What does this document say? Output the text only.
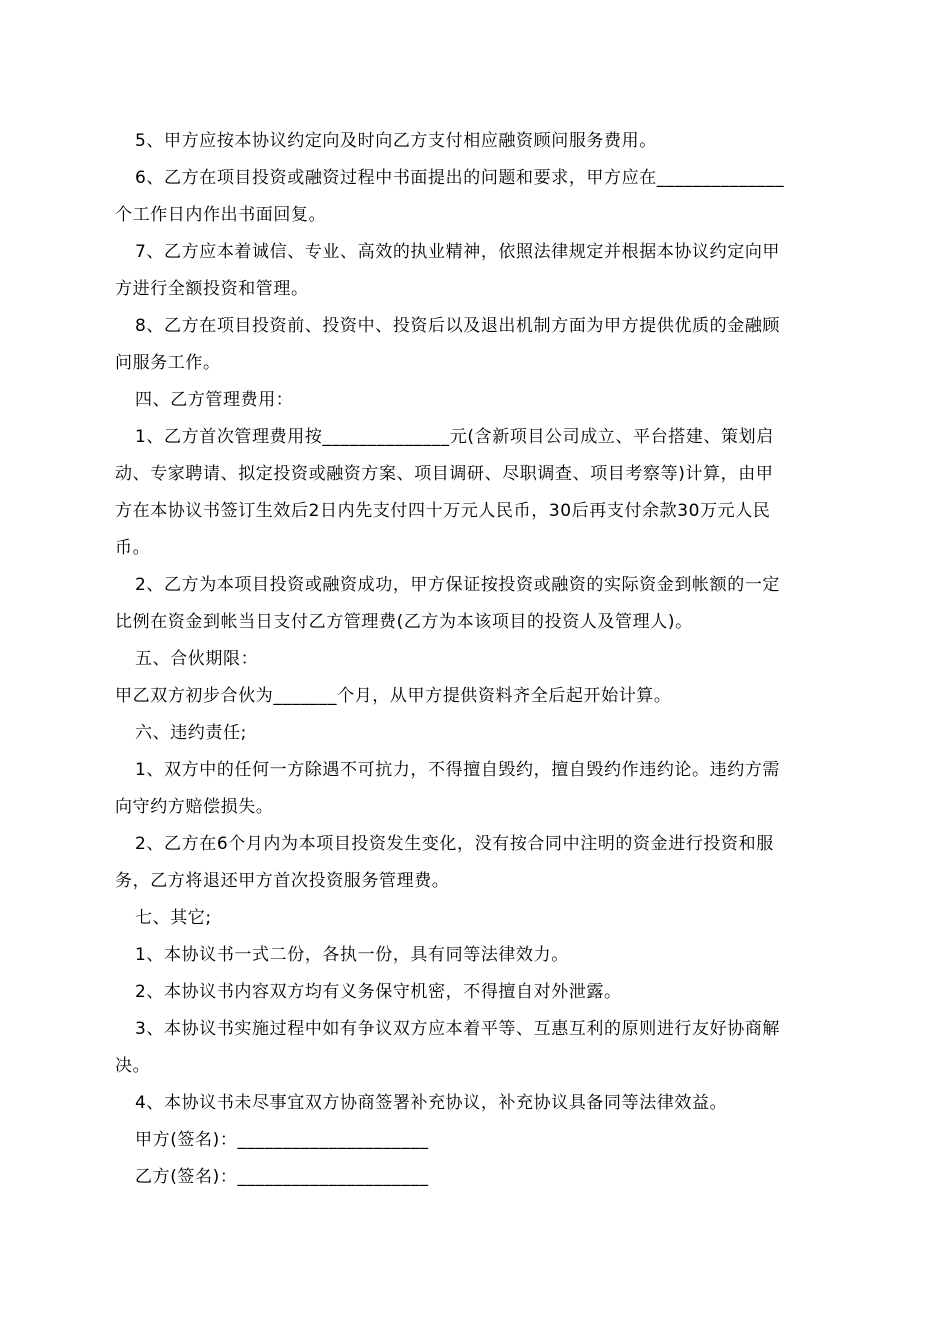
5、甲方应按本协议约定向及时向乙方支付相应融资顾问服务费用。
6、乙方在项目投资或融资过程中书面提出的问题和要求，甲方应在______________
个工作日内作出书面回复。
7、乙方应本着诚信、专业、高效的执业精神，依照法律规定并根据本协议约定向甲
方进行全额投资和管理。
8、乙方在项目投资前、投资中、投资后以及退出机制方面为甲方提供优质的金融顾
问服务工作。
四、乙方管理费用：
1、乙方首次管理费用按______________元(含新项目公司成立、平台搭建、策划启
动、专家聘请、拟定投资或融资方案、项目调研、尽职调查、项目考察等)计算，由甲
方在本协议书签订生效后2日内先支付四十万元人民币，30后再支付余款30万元人民
币。
2、乙方为本项目投资或融资成功，甲方保证按投资或融资的实际资金到帐额的一定
比例在资金到帐当日支付乙方管理费(乙方为本该项目的投资人及管理人)。
五、合伙期限：
甲乙双方初步合伙为_______个月，从甲方提供资料齐全后起开始计算。
六、违约责任;
1、双方中的任何一方除遇不可抗力，不得擅自毁约，擅自毁约作违约论。违约方需
向守约方赔偿损失。
2、乙方在6个月内为本项目投资发生变化，没有按合同中注明的资金进行投资和服
务，乙方将退还甲方首次投资服务管理费。
七、其它;
1、本协议书一式二份，各执一份，具有同等法律效力。
2、本协议书内容双方均有义务保守机密，不得擅自对外泄露。
3、本协议书实施过程中如有争议双方应本着平等、互惠互利的原则进行友好协商解
决。
4、本协议书未尽事宜双方协商签署补充协议，补充协议具备同等法律效益。
甲方(签名)：_____________________
乙方(签名)：_____________________
